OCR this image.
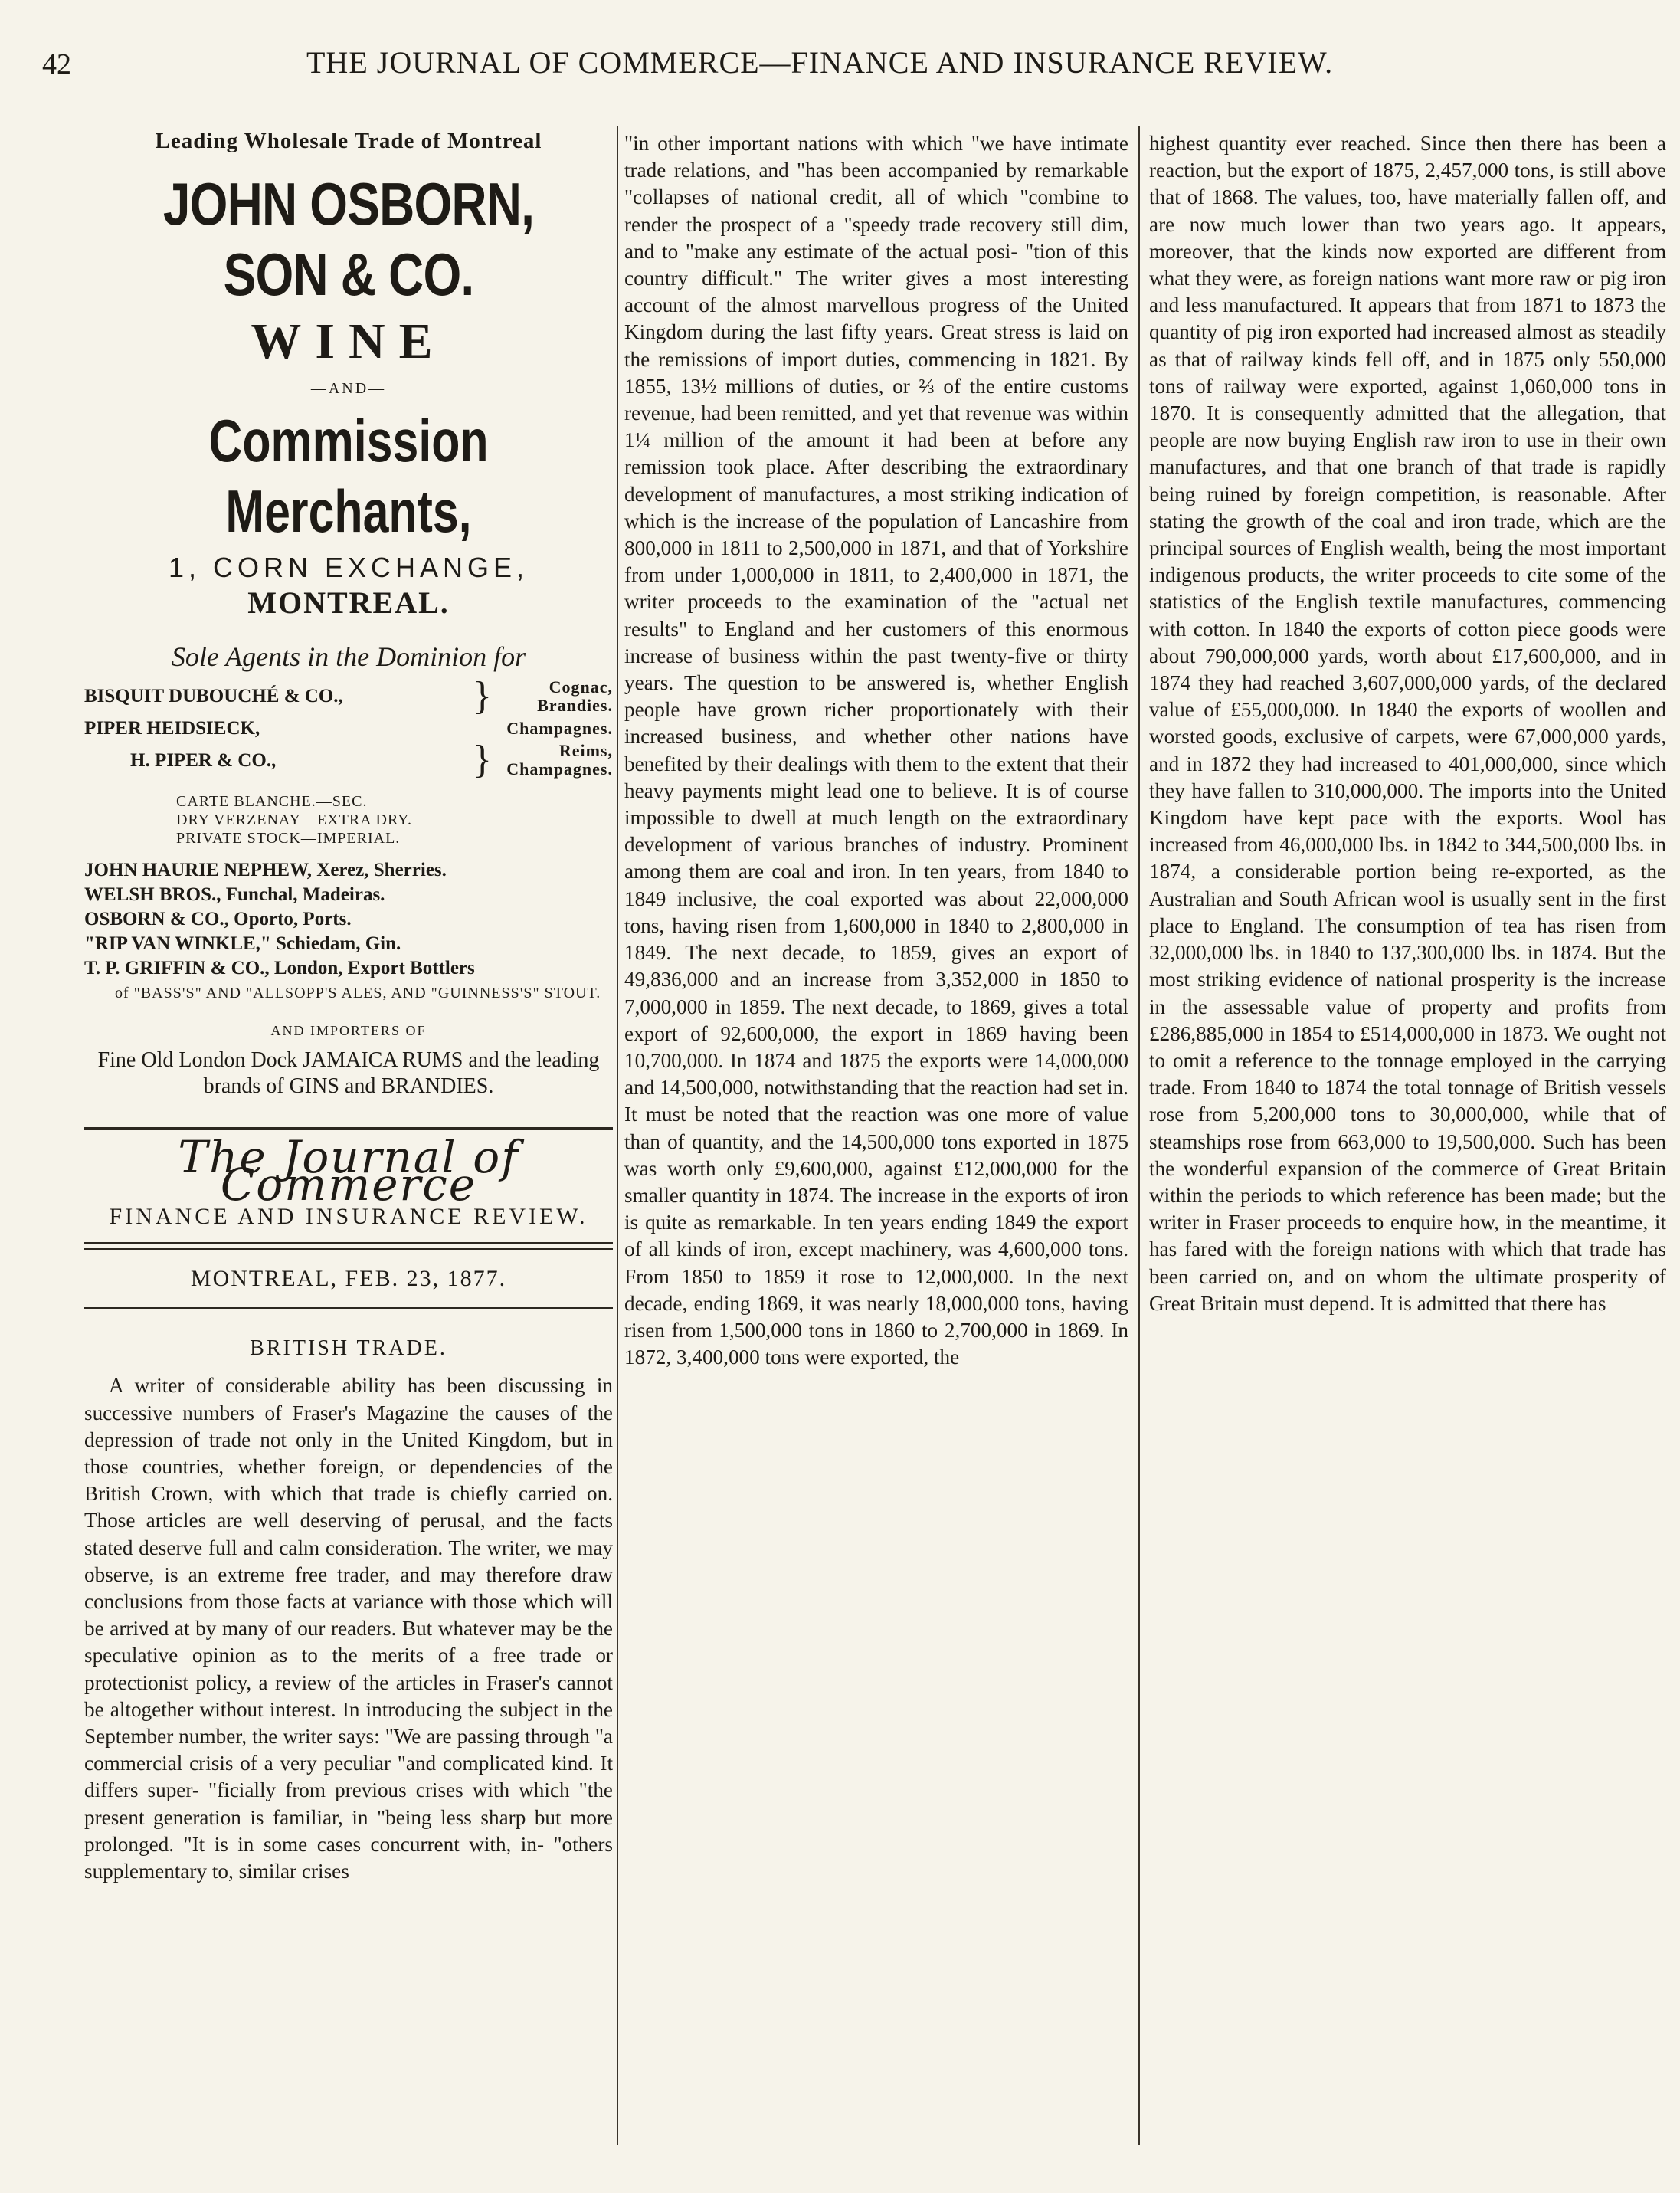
42	THE JOURNAL OF COMMERCE—FINANCE AND INSURANCE REVIEW.
Leading Wholesale Trade of Montreal
JOHN OSBORN, SON & CO.
WINE
—AND—
Commission Merchants,
1, CORN EXCHANGE,
MONTREAL.
Sole Agents in the Dominion for
BISQUIT DUBOUCHÉ & CO.,	}	Cognac, Brandies.
PIPER HEIDSIECK,	Champagnes.
H. PIPER & CO.,	}	Reims, Champagnes.
CARTE BLANCHE.—SEC.
DRY VERZENAY—EXTRA DRY.
PRIVATE STOCK—IMPERIAL.
JOHN HAURIE NEPHEW, Xerez, Sherries.
WELSH BROS., Funchal, Madeiras.
OSBORN & CO., Oporto, Ports.
"RIP VAN WINKLE," Schiedam, Gin.
T. P. GRIFFIN & CO., London, Export Bottlers
of "BASS'S" AND "ALLSOPP'S ALES, AND "GUINNESS'S" STOUT.
AND IMPORTERS OF
Fine Old London Dock JAMAICA RUMS and the leading brands of GINS and BRANDIES.
The Journal of Commerce
FINANCE AND INSURANCE REVIEW.
MONTREAL, FEB. 23, 1877.
BRITISH TRADE.

A writer of considerable ability has been discussing in successive numbers of Fraser's Magazine the causes of the depression of trade not only in the United Kingdom, but in those countries, whether foreign, or dependencies of the British Crown, with which that trade is chiefly carried on. Those articles are well deserving of perusal, and the facts stated deserve full and calm consideration. The writer, we may observe, is an extreme free trader, and may therefore draw conclusions from those facts at variance with those which will be arrived at by many of our readers. But whatever may be the speculative opinion as to the merits of a free trade or protectionist policy, a review of the articles in Fraser's cannot be altogether without interest. In introducing the subject in the September number, the writer says: "We are passing through "a commercial crisis of a very peculiar "and complicated kind. It differs super- "ficially from previous crises with which "the present generation is familiar, in "being less sharp but more prolonged. "It is in some cases concurrent with, in- "others supplementary to, similar crises

"in other important nations with which "we have intimate trade relations, and "has been accompanied by remarkable "collapses of national credit, all of which "combine to render the prospect of a "speedy trade recovery still dim, and to "make any estimate of the actual posi- "tion of this country difficult." The writer gives a most interesting account of the almost marvellous progress of the United Kingdom during the last fifty years. Great stress is laid on the remissions of import duties, commencing in 1821. By 1855, 13½ millions of duties, or ⅔ of the entire customs revenue, had been remitted, and yet that revenue was within 1¼ million of the amount it had been at before any remission took place. After describing the extraordinary development of manufactures, a most striking indication of which is the increase of the population of Lancashire from 800,000 in 1811 to 2,500,000 in 1871, and that of Yorkshire from under 1,000,000 in 1811, to 2,400,000 in 1871, the writer proceeds to the examination of the "actual net results" to England and her customers of this enormous increase of business within the past twenty-five or thirty years. The question to be answered is, whether English people have grown richer proportionately with their increased business, and whether other nations have benefited by their dealings with them to the extent that their heavy payments might lead one to believe. It is of course impossible to dwell at much length on the extraordinary development of various branches of industry. Prominent among them are coal and iron. In ten years, from 1840 to 1849 inclusive, the coal exported was about 22,000,000 tons, having risen from 1,600,000 in 1840 to 2,800,000 in 1849. The next decade, to 1859, gives an export of 49,836,000 and an increase from 3,352,000 in 1850 to 7,000,000 in 1859. The next decade, to 1869, gives a total export of 92,600,000, the export in 1869 having been 10,700,000. In 1874 and 1875 the exports were 14,000,000 and 14,500,000, notwithstanding that the reaction had set in. It must be noted that the reaction was one more of value than of quantity, and the 14,500,000 tons exported in 1875 was worth only £9,600,000, against £12,000,000 for the smaller quantity in 1874. The increase in the exports of iron is quite as remarkable. In ten years ending 1849 the export of all kinds of iron, except machinery, was 4,600,000 tons. From 1850 to 1859 it rose to 12,000,000. In the next decade, ending 1869, it was nearly 18,000,000 tons, having risen from 1,500,000 tons in 1860 to 2,700,000 in 1869. In 1872, 3,400,000 tons were exported, the

highest quantity ever reached. Since then there has been a reaction, but the export of 1875, 2,457,000 tons, is still above that of 1868. The values, too, have materially fallen off, and are now much lower than two years ago. It appears, moreover, that the kinds now exported are different from what they were, as foreign nations want more raw or pig iron and less manufactured. It appears that from 1871 to 1873 the quantity of pig iron exported had increased almost as steadily as that of railway kinds fell off, and in 1875 only 550,000 tons of railway were exported, against 1,060,000 tons in 1870. It is consequently admitted that the allegation, that people are now buying English raw iron to use in their own manufactures, and that one branch of that trade is rapidly being ruined by foreign competition, is reasonable. After stating the growth of the coal and iron trade, which are the principal sources of English wealth, being the most important indigenous products, the writer proceeds to cite some of the statistics of the English textile manufactures, commencing with cotton. In 1840 the exports of cotton piece goods were about 790,000,000 yards, worth about £17,600,000, and in 1874 they had reached 3,607,000,000 yards, of the declared value of £55,000,000. In 1840 the exports of woollen and worsted goods, exclusive of carpets, were 67,000,000 yards, and in 1872 they had increased to 401,000,000, since which they have fallen to 310,000,000. The imports into the United Kingdom have kept pace with the exports. Wool has increased from 46,000,000 lbs. in 1842 to 344,500,000 lbs. in 1874, a considerable portion being re-exported, as the Australian and South African wool is usually sent in the first place to England. The consumption of tea has risen from 32,000,000 lbs. in 1840 to 137,300,000 lbs. in 1874. But the most striking evidence of national prosperity is the increase in the assessable value of property and profits from £286,885,000 in 1854 to £514,000,000 in 1873. We ought not to omit a reference to the tonnage employed in the carrying trade. From 1840 to 1874 the total tonnage of British vessels rose from 5,200,000 tons to 30,000,000, while that of steamships rose from 663,000 to 19,500,000. Such has been the wonderful expansion of the commerce of Great Britain within the periods to which reference has been made; but the writer in Fraser proceeds to enquire how, in the meantime, it has fared with the foreign nations with which that trade has been carried on, and on whom the ultimate prosperity of Great Britain must depend. It is admitted that there has
